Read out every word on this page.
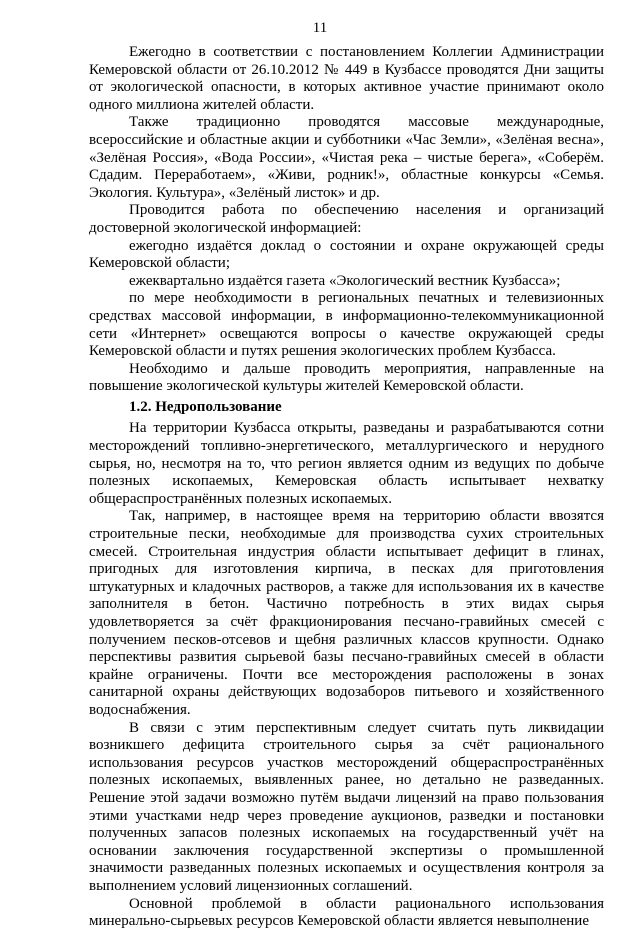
11

Ежегодно в соответствии с постановлением Коллегии Администрации Кемеровской области от 26.10.2012 № 449 в Кузбассе проводятся Дни защиты от экологической опасности, в которых активное участие принимают около одного миллиона жителей области.

Также традиционно проводятся массовые международные, всероссийские и областные акции и субботники «Час Земли», «Зелёная весна», «Зелёная Россия», «Вода России», «Чистая река – чистые берега», «Соберём. Сдадим. Переработаем», «Живи, родник!», областные конкурсы «Семья. Экология. Культура», «Зелёный листок» и др.

Проводится работа по обеспечению населения и организаций достоверной экологической информацией:

ежегодно издаётся доклад о состоянии и охране окружающей среды Кемеровской области;

ежеквартально издаётся газета «Экологический вестник Кузбасса»;

по мере необходимости в региональных печатных и телевизионных средствах массовой информации, в информационно-телекоммуникационной сети «Интернет» освещаются вопросы о качестве окружающей среды Кемеровской области и путях решения экологических проблем Кузбасса.

Необходимо и дальше проводить мероприятия, направленные на повышение экологической культуры жителей Кемеровской области.

1.2. Недропользование

На территории Кузбасса открыты, разведаны и разрабатываются сотни месторождений топливно-энергетического, металлургического и нерудного сырья, но, несмотря на то, что регион является одним из ведущих по добыче полезных ископаемых, Кемеровская область испытывает нехватку общераспространённых полезных ископаемых.

Так, например, в настоящее время на территорию области ввозятся строительные пески, необходимые для производства сухих строительных смесей. Строительная индустрия области испытывает дефицит в глинах, пригодных для изготовления кирпича, в песках для приготовления штукатурных и кладочных растворов, а также для использования их в качестве заполнителя в бетон. Частично потребность в этих видах сырья удовлетворяется за счёт фракционирования песчано-гравийных смесей с получением песков-отсевов и щебня различных классов крупности. Однако перспективы развития сырьевой базы песчано-гравийных смесей в области крайне ограничены. Почти все месторождения расположены в зонах санитарной охраны действующих водозаборов питьевого и хозяйственного водоснабжения.

В связи с этим перспективным следует считать путь ликвидации возникшего дефицита строительного сырья за счёт рационального использования ресурсов участков месторождений общераспространённых полезных ископаемых, выявленных ранее, но детально не разведанных. Решение этой задачи возможно путём выдачи лицензий на право пользования этими участками недр через проведение аукционов, разведки и постановки полученных запасов полезных ископаемых на государственный учёт на основании заключения государственной экспертизы о промышленной значимости разведанных полезных ископаемых и осуществления контроля за выполнением условий лицензионных соглашений.

Основной проблемой в области рационального использования минерально-сырьевых ресурсов Кемеровской области является невыполнение
